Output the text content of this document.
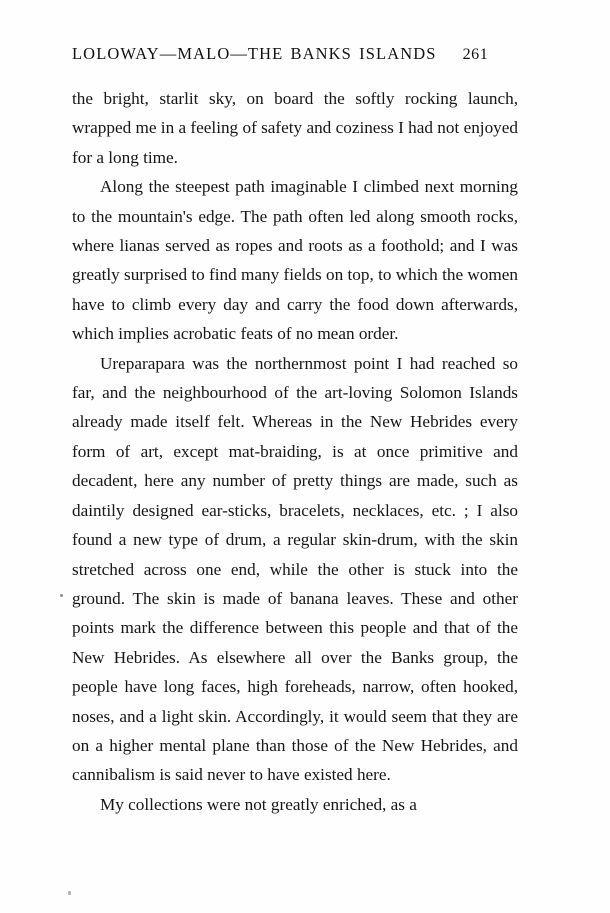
LOLOWAY—MALO—THE BANKS ISLANDS 261

the bright, starlit sky, on board the softly rocking launch, wrapped me in a feeling of safety and coziness I had not enjoyed for a long time.

Along the steepest path imaginable I climbed next morning to the mountain's edge. The path often led along smooth rocks, where lianas served as ropes and roots as a foothold; and I was greatly surprised to find many fields on top, to which the women have to climb every day and carry the food down afterwards, which implies acrobatic feats of no mean order.

Ureparapara was the northernmost point I had reached so far, and the neighbourhood of the art-loving Solomon Islands already made itself felt. Whereas in the New Hebrides every form of art, except mat-braiding, is at once primitive and decadent, here any number of pretty things are made, such as daintily designed ear-sticks, bracelets, necklaces, etc. ; I also found a new type of drum, a regular skin-drum, with the skin stretched across one end, while the other is stuck into the ground. The skin is made of banana leaves. These and other points mark the difference between this people and that of the New Hebrides. As elsewhere all over the Banks group, the people have long faces, high foreheads, narrow, often hooked, noses, and a light skin. Accordingly, it would seem that they are on a higher mental plane than those of the New Hebrides, and cannibalism is said never to have existed here.

My collections were not greatly enriched, as a
